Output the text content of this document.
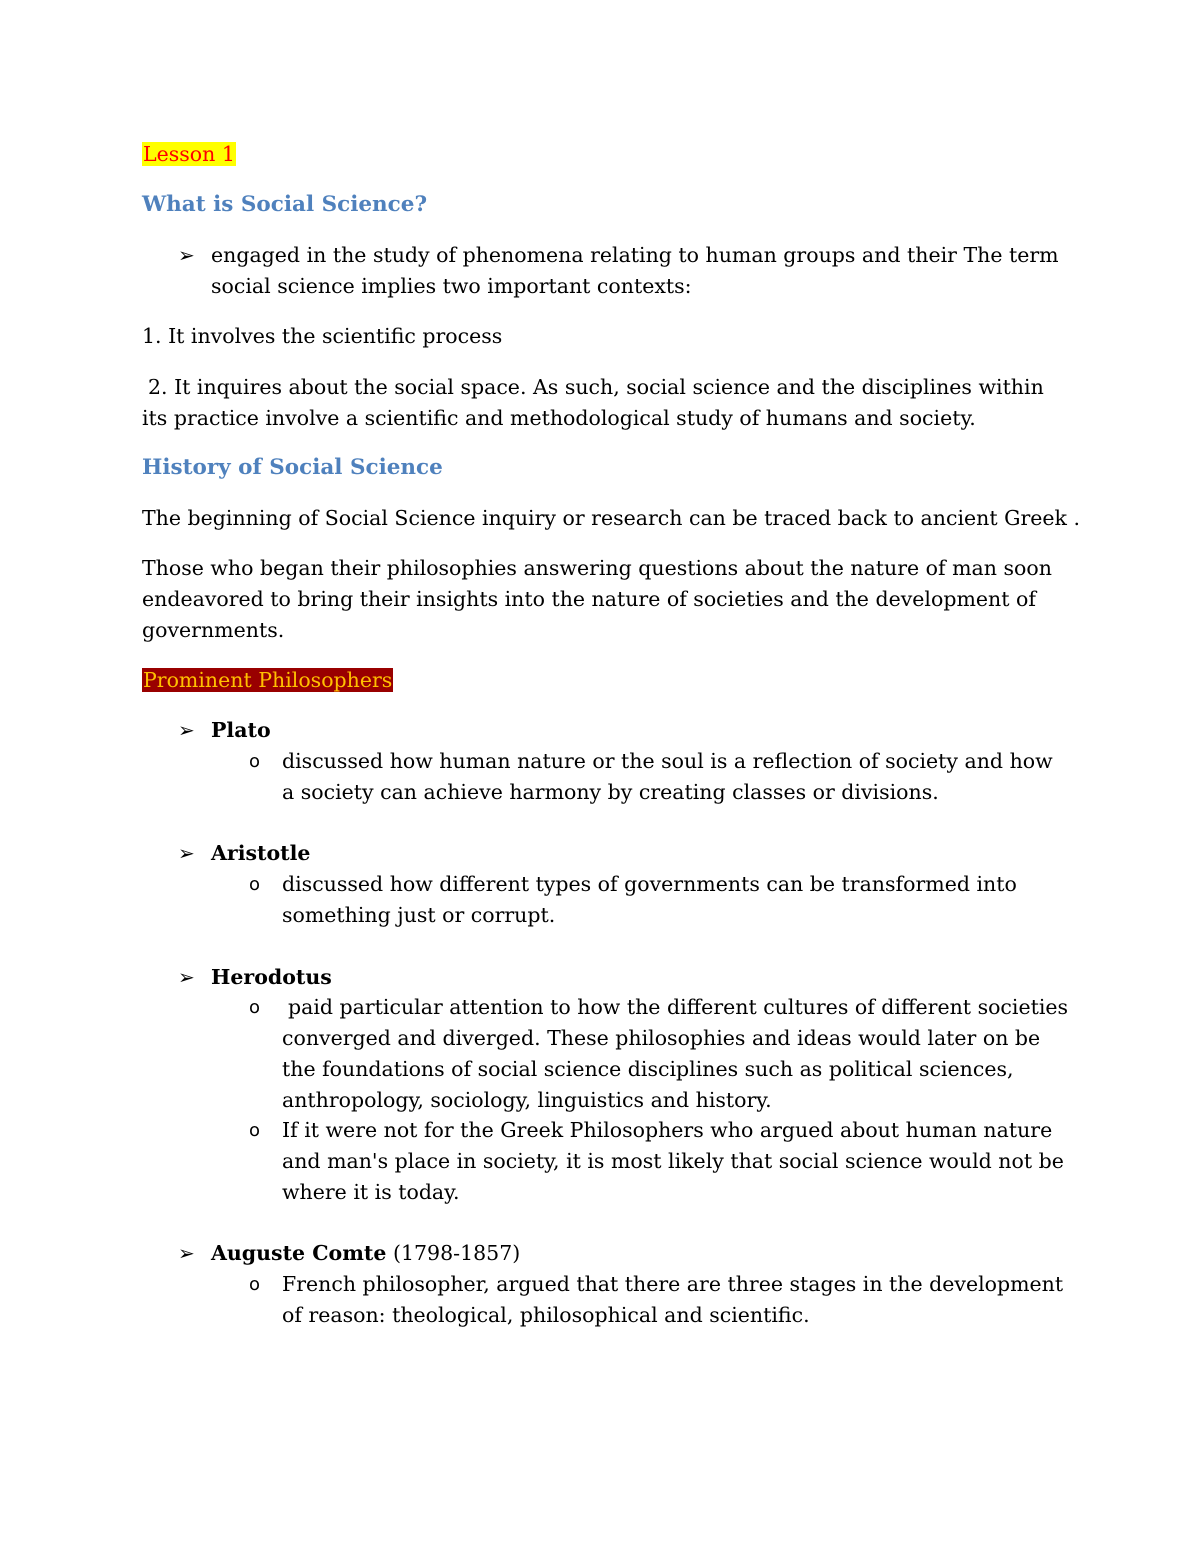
Lesson 1
What is Social Science?
➢ engaged in the study of phenomena relating to human groups and their The term
social science implies two important contexts:
1. It involves the scientific process
2. It inquires about the social space. As such, social science and the disciplines within
its practice involve a scientific and methodological study of humans and society.
History of Social Science
The beginning of Social Science inquiry or research can be traced back to ancient Greek .
Those who began their philosophies answering questions about the nature of man soon
endeavored to bring their insights into the nature of societies and the development of
governments.
Prominent Philosophers
➢ Plato
o discussed how human nature or the soul is a reflection of society and how
a society can achieve harmony by creating classes or divisions.
➢ Aristotle
o discussed how different types of governments can be transformed into
something just or corrupt.
➢ Herodotus
o paid particular attention to how the different cultures of different societies
converged and diverged. These philosophies and ideas would later on be
the foundations of social science disciplines such as political sciences,
anthropology, sociology, linguistics and history.
o If it were not for the Greek Philosophers who argued about human nature
and man's place in society, it is most likely that social science would not be
where it is today.
➢ Auguste Comte (1798-1857)
o French philosopher, argued that there are three stages in the development
of reason: theological, philosophical and scientific.
